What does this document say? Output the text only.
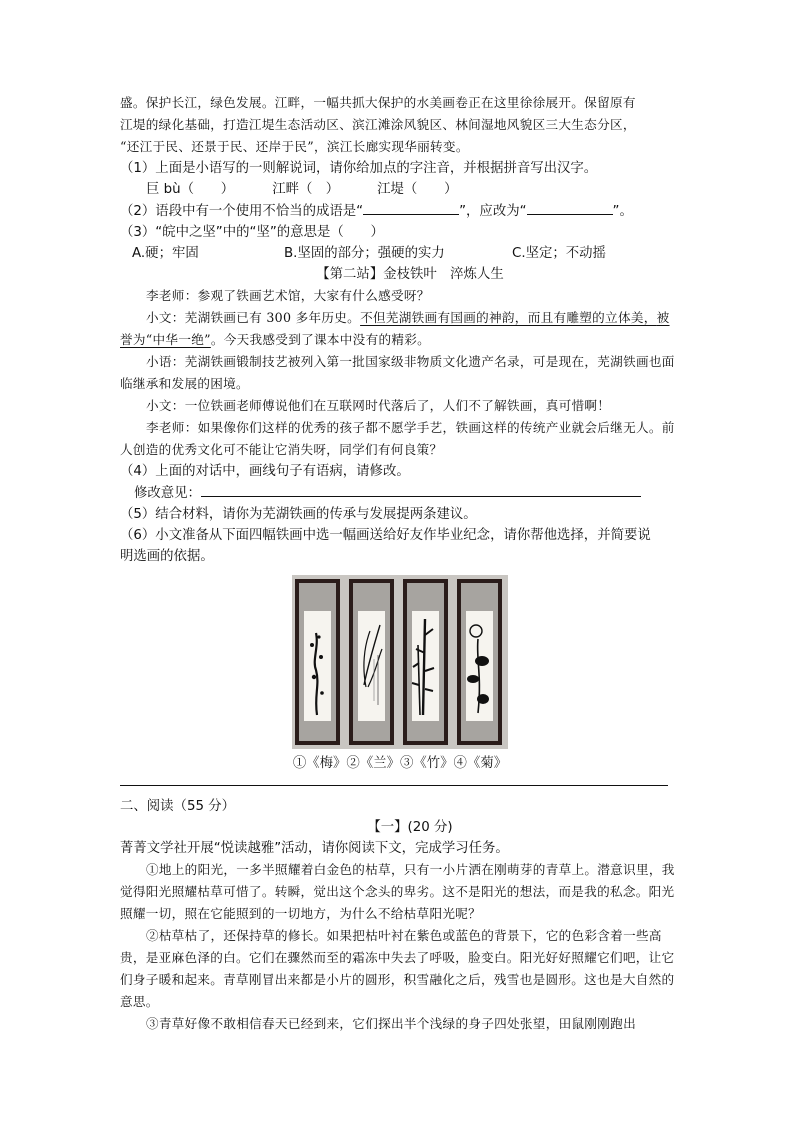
盛。保护长江，绿色发展。江畔，一幅共抓大保护的水美画卷正在这里徐徐展开。保留原有

江堤的绿化基础，打造江堤生态活动区、滨江滩涂风貌区、林间湿地风貌区三大生态分区，

“还江于民、还景于民、还岸于民”，滨江长廊实现华丽转变。

（1）上面是小语写的一则解说词，请你给加点的字注音，并根据拼音写出汉字。

巨 bù（　　）	江畔（　）	江堤（　　）

（2）语段中有一个使用不恰当的成语是“	”，应改为“	”。

（3）“皖中之坚”中的“坚”的意思是（　　）

A.硬；牢固	B.坚固的部分；强硬的实力	C.坚定；不动摇

【第二站】金枝铁叶　淬炼人生

李老师：参观了铁画艺术馆，大家有什么感受呀？

小文：芜湖铁画已有 300 多年历史。不但芜湖铁画有国画的神韵，而且有雕塑的立体美，被誉为“中华一绝”。今天我感受到了课本中没有的精彩。

小语：芜湖铁画锻制技艺被列入第一批国家级非物质文化遗产名录，可是现在，芜湖铁画也面临继承和发展的困境。

小文：一位铁画老师傅说他们在互联网时代落后了，人们不了解铁画，真可惜啊！

李老师：如果像你们这样的优秀的孩子都不愿学手艺，铁画这样的传统产业就会后继无人。前人创造的优秀文化可不能让它消失呀，同学们有何良策？

（4）上面的对话中，画线句子有语病，请修改。

修改意见：

（5）结合材料，请你为芜湖铁画的传承与发展提两条建议。

（6）小文准备从下面四幅铁画中选一幅画送给好友作毕业纪念，请你帮他选择，并简要说

明选画的依据。

①《梅》②《兰》③《竹》④《菊》

二、阅读（55 分）

【一】(20 分)

菁菁文学社开展“悦读越雅”活动，请你阅读下文，完成学习任务。

①地上的阳光，一多半照耀着白金色的枯草，只有一小片洒在刚萌芽的青草上。潜意识里，我觉得阳光照耀枯草可惜了。转瞬，觉出这个念头的卑劣。这不是阳光的想法，而是我的私念。阳光照耀一切，照在它能照到的一切地方，为什么不给枯草阳光呢？

②枯草枯了，还保持草的修长。如果把枯叶衬在紫色或蓝色的背景下，它的色彩含着一些高贵，是亚麻色泽的白。它们在骤然而至的霜冻中失去了呼吸，脸变白。阳光好好照耀它们吧，让它们身子暖和起来。青草刚冒出来都是小片的圆形，积雪融化之后，残雪也是圆形。这也是大自然的意思。

③青草好像不敢相信春天已经到来，它们探出半个浅绿的身子四处张望，田鼠刚刚跑出
